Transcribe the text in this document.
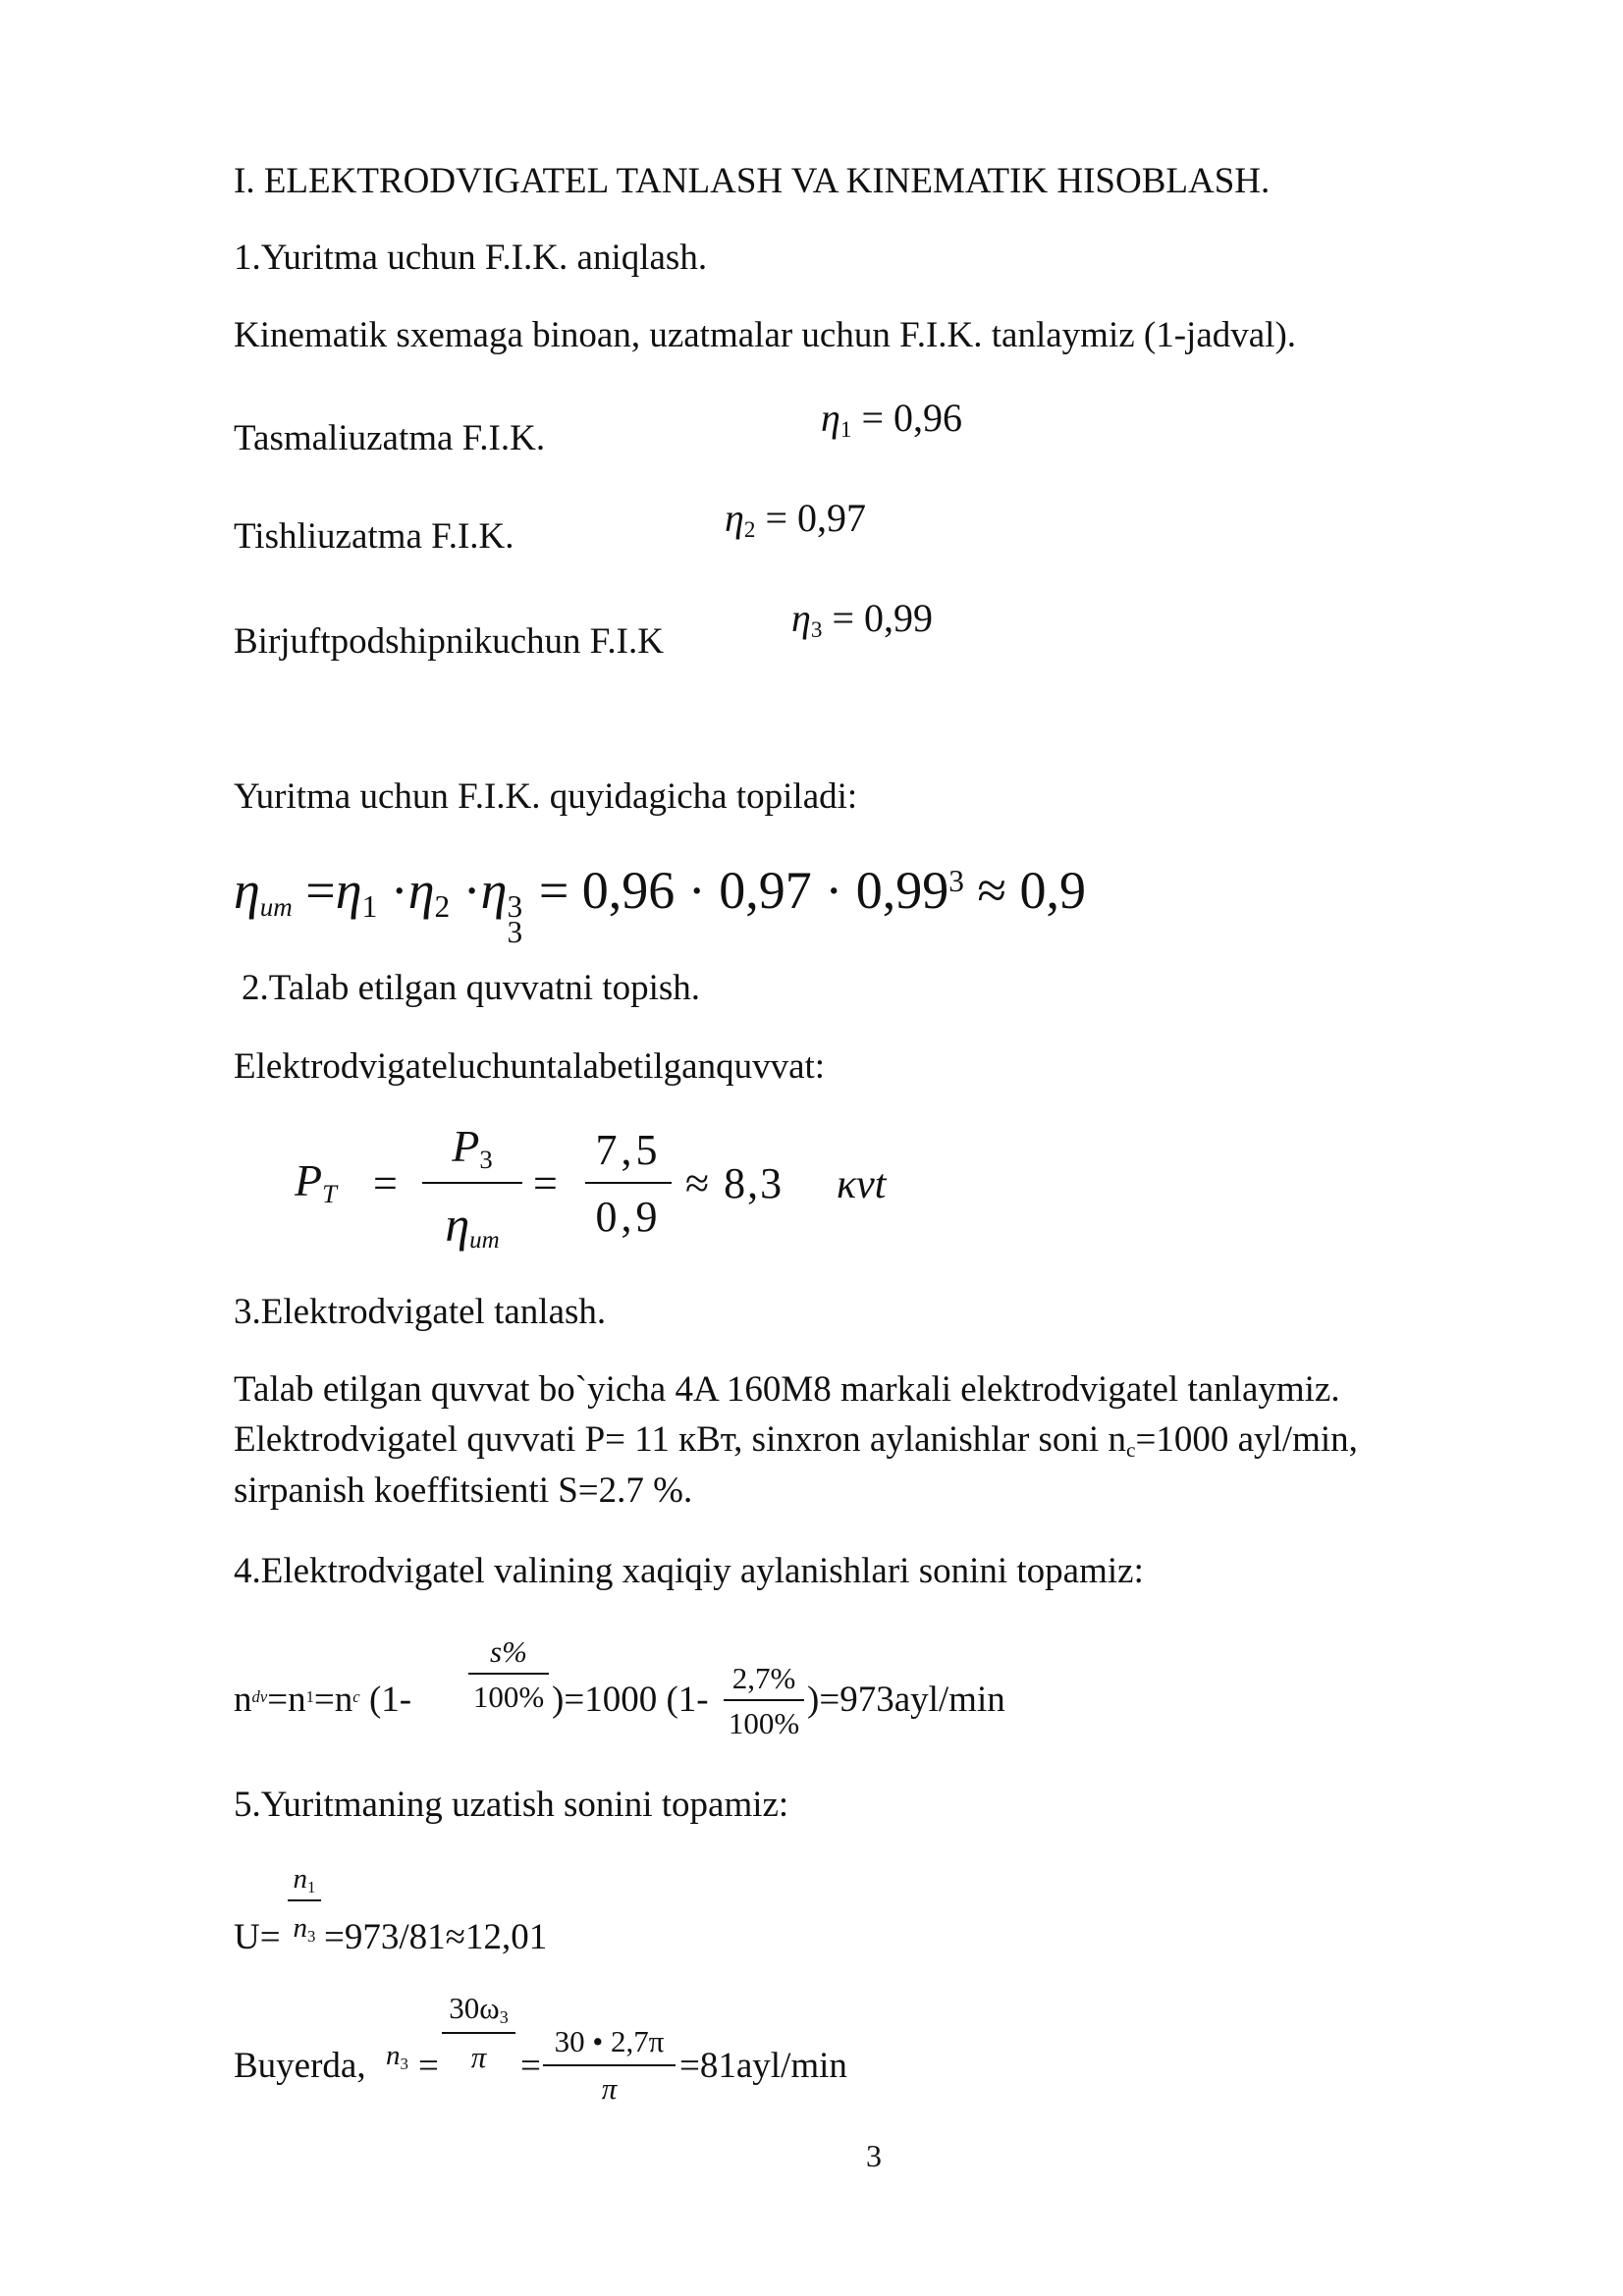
I. ELEKTRODVIGATEL TANLASH VA KINEMATIK HISOBLASH.

1.Yuritma uchun F.I.K. aniqlash.

Kinematik sxemaga binoan, uzatmalar uchun F.I.K. tanlaymiz (1-jadval).

Tasmaliuzatma F.I.K.	η1 = 0,96

Tishliuzatma F.I.K.	η2 = 0,97

Birjuftpodshipnikuchun F.I.K

η3 = 0,99

Yuritma uchun F.I.K. quyidagicha topiladi:

ηum =η1 ·η2 ·η 3
3
= $0,96 \cdot 0,97 \cdot 0,99^3 \approx 0,9$

2.Talab etilgan quvvatni topish.

Elektrodvigateluchuntalabetilganquvvat:

PT =
P3
ηum
=
7,5
0,9
≈ 8,3 κvt

3.Elektrodvigatel tanlash.

Talab etilgan quvvat bo`yicha 4A 160M8 markali elektrodvigatel tanlaymiz.

Elektrodvigatel quvvati P= 11 кВт, sinxron aylanishlar soni nc=1000 ayl/min,

sirpanish koeffitsienti S=2.7 %.

4.Elektrodvigatel valining xaqiqiy aylanishlari sonini topamiz:

$n^{dv}=n^1=n^c$ (1-
s%
100% )=1000 (1-
2,7%
100%
)=973ayl/min

5.Yuritmaning uzatish sonini topamiz:

n1
U= n3 =973/81≈12,01
Buyerda, n3 =
30ω3
π =
30 • 2,7π
π
=81ayl/min

3
